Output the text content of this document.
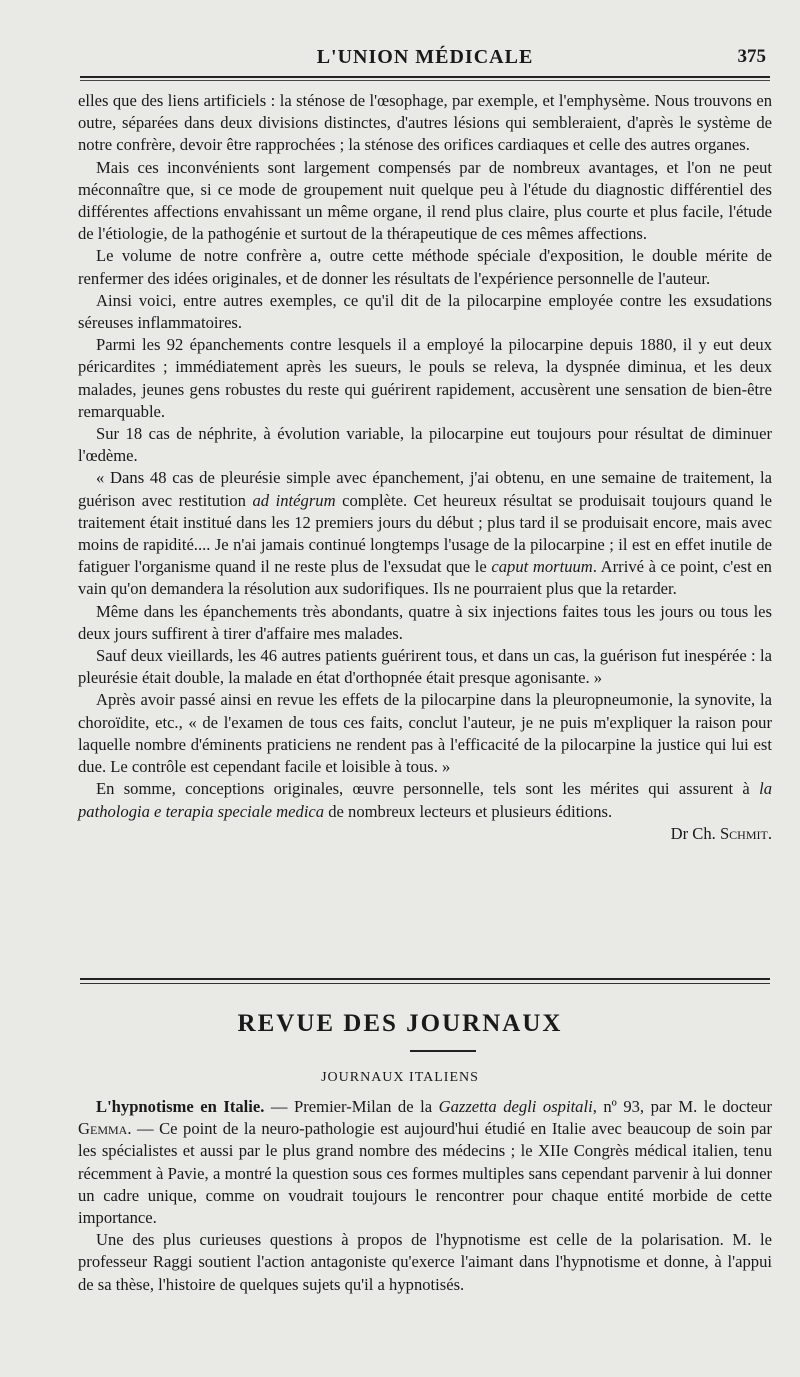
L'UNION MÉDICALE	375

elles que des liens artificiels : la sténose de l'œsophage, par exemple, et l'emphysème. Nous trouvons en outre, séparées dans deux divisions distinctes, d'autres lésions qui sembleraient, d'après le système de notre confrère, devoir être rapprochées ; la sténose des orifices cardiaques et celle des autres organes.

Mais ces inconvénients sont largement compensés par de nombreux avantages, et l'on ne peut méconnaître que, si ce mode de groupement nuit quelque peu à l'étude du diagnostic différentiel des différentes affections envahissant un même organe, il rend plus claire, plus courte et plus facile, l'étude de l'étiologie, de la pathogénie et surtout de la thérapeutique de ces mêmes affections.

Le volume de notre confrère a, outre cette méthode spéciale d'exposition, le double mérite de renfermer des idées originales, et de donner les résultats de l'expérience personnelle de l'auteur.

Ainsi voici, entre autres exemples, ce qu'il dit de la pilocarpine employée contre les exsudations séreuses inflammatoires.

Parmi les 92 épanchements contre lesquels il a employé la pilocarpine depuis 1880, il y eut deux péricardites ; immédiatement après les sueurs, le pouls se releva, la dyspnée diminua, et les deux malades, jeunes gens robustes du reste qui guérirent rapidement, accusèrent une sensation de bien-être remarquable.

Sur 18 cas de néphrite, à évolution variable, la pilocarpine eut toujours pour résultat de diminuer l'œdème.

« Dans 48 cas de pleurésie simple avec épanchement, j'ai obtenu, en une semaine de traitement, la guérison avec restitution ad intégrum complète. Cet heureux résultat se produisait toujours quand le traitement était institué dans les 12 premiers jours du début ; plus tard il se produisait encore, mais avec moins de rapidité.... Je n'ai jamais continué longtemps l'usage de la pilocarpine ; il est en effet inutile de fatiguer l'organisme quand il ne reste plus de l'exsudat que le caput mortuum. Arrivé à ce point, c'est en vain qu'on demandera la résolution aux sudorifiques. Ils ne pourraient plus que la retarder.

Même dans les épanchements très abondants, quatre à six injections faites tous les jours ou tous les deux jours suffirent à tirer d'affaire mes malades.

Sauf deux vieillards, les 46 autres patients guérirent tous, et dans un cas, la guérison fut inespérée : la pleurésie était double, la malade en état d'orthopnée était presque agonisante. »

Après avoir passé ainsi en revue les effets de la pilocarpine dans la pleuropneumonie, la synovite, la choroïdite, etc., « de l'examen de tous ces faits, conclut l'auteur, je ne puis m'expliquer la raison pour laquelle nombre d'éminents praticiens ne rendent pas à l'efficacité de la pilocarpine la justice qui lui est due. Le contrôle est cependant facile et loisible à tous. »

En somme, conceptions originales, œuvre personnelle, tels sont les mérites qui assurent à la pathologia e terapia speciale medica de nombreux lecteurs et plusieurs éditions.

Dr Ch. Schmit.

REVUE DES JOURNAUX
JOURNAUX ITALIENS

L'hypnotisme en Italie. — Premier-Milan de la Gazzetta degli ospitali, nº 93, par M. le docteur Gemma. — Ce point de la neuro-pathologie est aujourd'hui étudié en Italie avec beaucoup de soin par les spécialistes et aussi par le plus grand nombre des médecins ; le XIIe Congrès médical italien, tenu récemment à Pavie, a montré la question sous ces formes multiples sans cependant parvenir à lui donner un cadre unique, comme on voudrait toujours le rencontrer pour chaque entité morbide de cette importance.

Une des plus curieuses questions à propos de l'hypnotisme est celle de la polarisation. M. le professeur Raggi soutient l'action antagoniste qu'exerce l'aimant dans l'hypnotisme et donne, à l'appui de sa thèse, l'histoire de quelques sujets qu'il a hypnotisés.
